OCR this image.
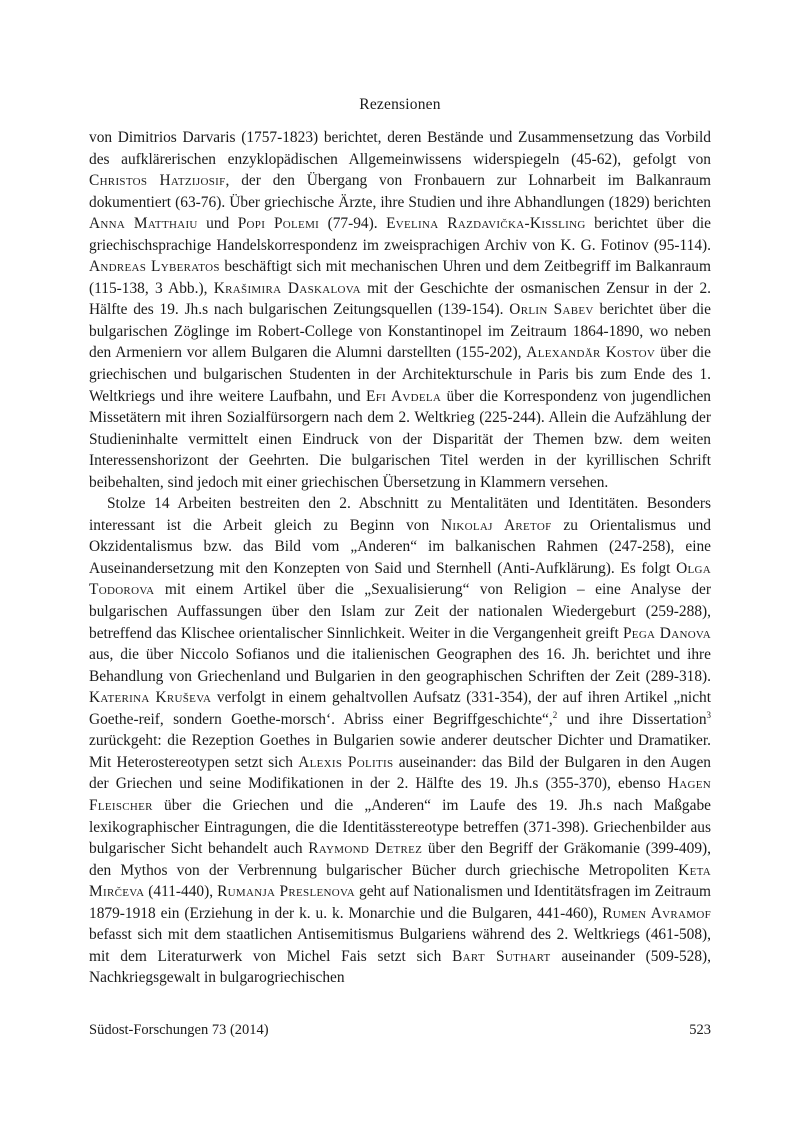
Rezensionen

von Dimitrios Darvaris (1757-1823) berichtet, deren Bestände und Zusammensetzung das Vorbild des aufklärerischen enzyklopädischen Allgemeinwissens widerspiegeln (45-62), gefolgt von Christos Hatzijosif, der den Übergang von Fronbauern zur Lohnarbeit im Balkanraum dokumentiert (63-76). Über griechische Ärzte, ihre Studien und ihre Abhandlungen (1829) berichten Anna Matthaiu und Popi Polemi (77-94). Evelina Razdavička-Kissling berichtet über die griechischsprachige Handelskorrespondenz im zweisprachigen Archiv von K. G. Fotinov (95-114). Andreas Lyberatos beschäftigt sich mit mechanischen Uhren und dem Zeitbegriff im Balkanraum (115-138, 3 Abb.), Krašimira Daskalova mit der Geschichte der osmanischen Zensur in der 2. Hälfte des 19. Jh.s nach bulgarischen Zeitungsquellen (139-154). Orlin Sabev berichtet über die bulgarischen Zöglinge im Robert-College von Konstantinopel im Zeitraum 1864-1890, wo neben den Armeniern vor allem Bulgaren die Alumni darstellten (155-202), Alexandăr Kostov über die griechischen und bulgarischen Studenten in der Architekturschule in Paris bis zum Ende des 1. Weltkriegs und ihre weitere Laufbahn, und Efi Avdela über die Korrespondenz von jugendlichen Missetätern mit ihren Sozialfürsorgern nach dem 2. Weltkrieg (225-244). Allein die Aufzählung der Studieninhalte vermittelt einen Eindruck von der Disparität der Themen bzw. dem weiten Interessenshorizont der Geehrten. Die bulgarischen Titel werden in der kyrillischen Schrift beibehalten, sind jedoch mit einer griechischen Übersetzung in Klammern versehen.

Stolze 14 Arbeiten bestreiten den 2. Abschnitt zu Mentalitäten und Identitäten. Besonders interessant ist die Arbeit gleich zu Beginn von Nikolaj Aretof zu Orientalismus und Okzidentalismus bzw. das Bild vom „Anderen“ im balkanischen Rahmen (247-258), eine Auseinandersetzung mit den Konzepten von Said und Sternhell (Anti-Aufklärung). Es folgt Olga Todorova mit einem Artikel über die „Sexualisierung“ von Religion – eine Analyse der bulgarischen Auffassungen über den Islam zur Zeit der nationalen Wiedergeburt (259-288), betreffend das Klischee orientalischer Sinnlichkeit. Weiter in die Vergangenheit greift Pega Danova aus, die über Niccolo Sofianos und die italienischen Geographen des 16. Jh. berichtet und ihre Behandlung von Griechenland und Bulgarien in den geographischen Schriften der Zeit (289-318). Katerina Kruševa verfolgt in einem gehaltvollen Aufsatz (331-354), der auf ihren Artikel „nicht Goethe-reif, sondern Goethe-morsch‘. Abriss einer Begriffgeschichte“,$^2$ und ihre Dissertation$^3$ zurückgeht: die Rezeption Goethes in Bulgarien sowie anderer deutscher Dichter und Dramatiker. Mit Heterostereotypen setzt sich Alexis Politis auseinander: das Bild der Bulgaren in den Augen der Griechen und seine Modifikationen in der 2. Hälfte des 19. Jh.s (355-370), ebenso Hagen Fleischer über die Griechen und die „Anderen“ im Laufe des 19. Jh.s nach Maßgabe lexikographischer Eintragungen, die die Identitässtereotype betreffen (371-398). Griechenbilder aus bulgarischer Sicht behandelt auch Raymond Detrez über den Begriff der Gräkomanie (399-409), den Mythos von der Verbrennung bulgarischer Bücher durch griechische Metropoliten Keta Mirčeva (411-440), Rumanja Preslenova geht auf Nationalismen und Identitätsfragen im Zeitraum 1879-1918 ein (Erziehung in der k. u. k. Monarchie und die Bulgaren, 441-460), Rumen Avramof befasst sich mit dem staatlichen Antisemitismus Bulgariens während des 2. Weltkriegs (461-508), mit dem Literaturwerk von Michel Fais setzt sich Bart Suthart auseinander (509-528), Nachkriegsgewalt in bulgarogriechischen

Südost-Forschungen 73 (2014)	523
